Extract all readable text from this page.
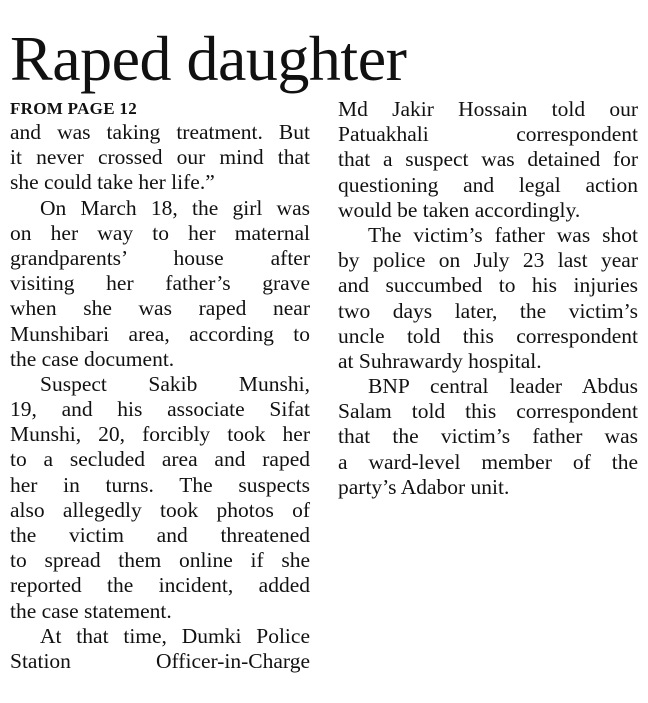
Raped daughter
FROM PAGE 12
and was taking treatment. But
it never crossed our mind that
she could take her life.”
On March 18, the girl was
on her way to her maternal
grandparents’ house after
visiting her father’s grave
when she was raped near
Munshibari area, according to
the case document.
Suspect Sakib Munshi,
19, and his associate Sifat
Munshi, 20, forcibly took her
to a secluded area and raped
her in turns. The suspects
also allegedly took photos of
the victim and threatened
to spread them online if she
reported the incident, added
the case statement.
At that time, Dumki Police
Station Officer-in-Charge
Md Jakir Hossain told our
Patuakhali correspondent
that a suspect was detained for
questioning and legal action
would be taken accordingly.
The victim’s father was shot
by police on July 23 last year
and succumbed to his injuries
two days later, the victim’s
uncle told this correspondent
at Suhrawardy hospital.
BNP central leader Abdus
Salam told this correspondent
that the victim’s father was
a ward-level member of the
party’s Adabor unit.
